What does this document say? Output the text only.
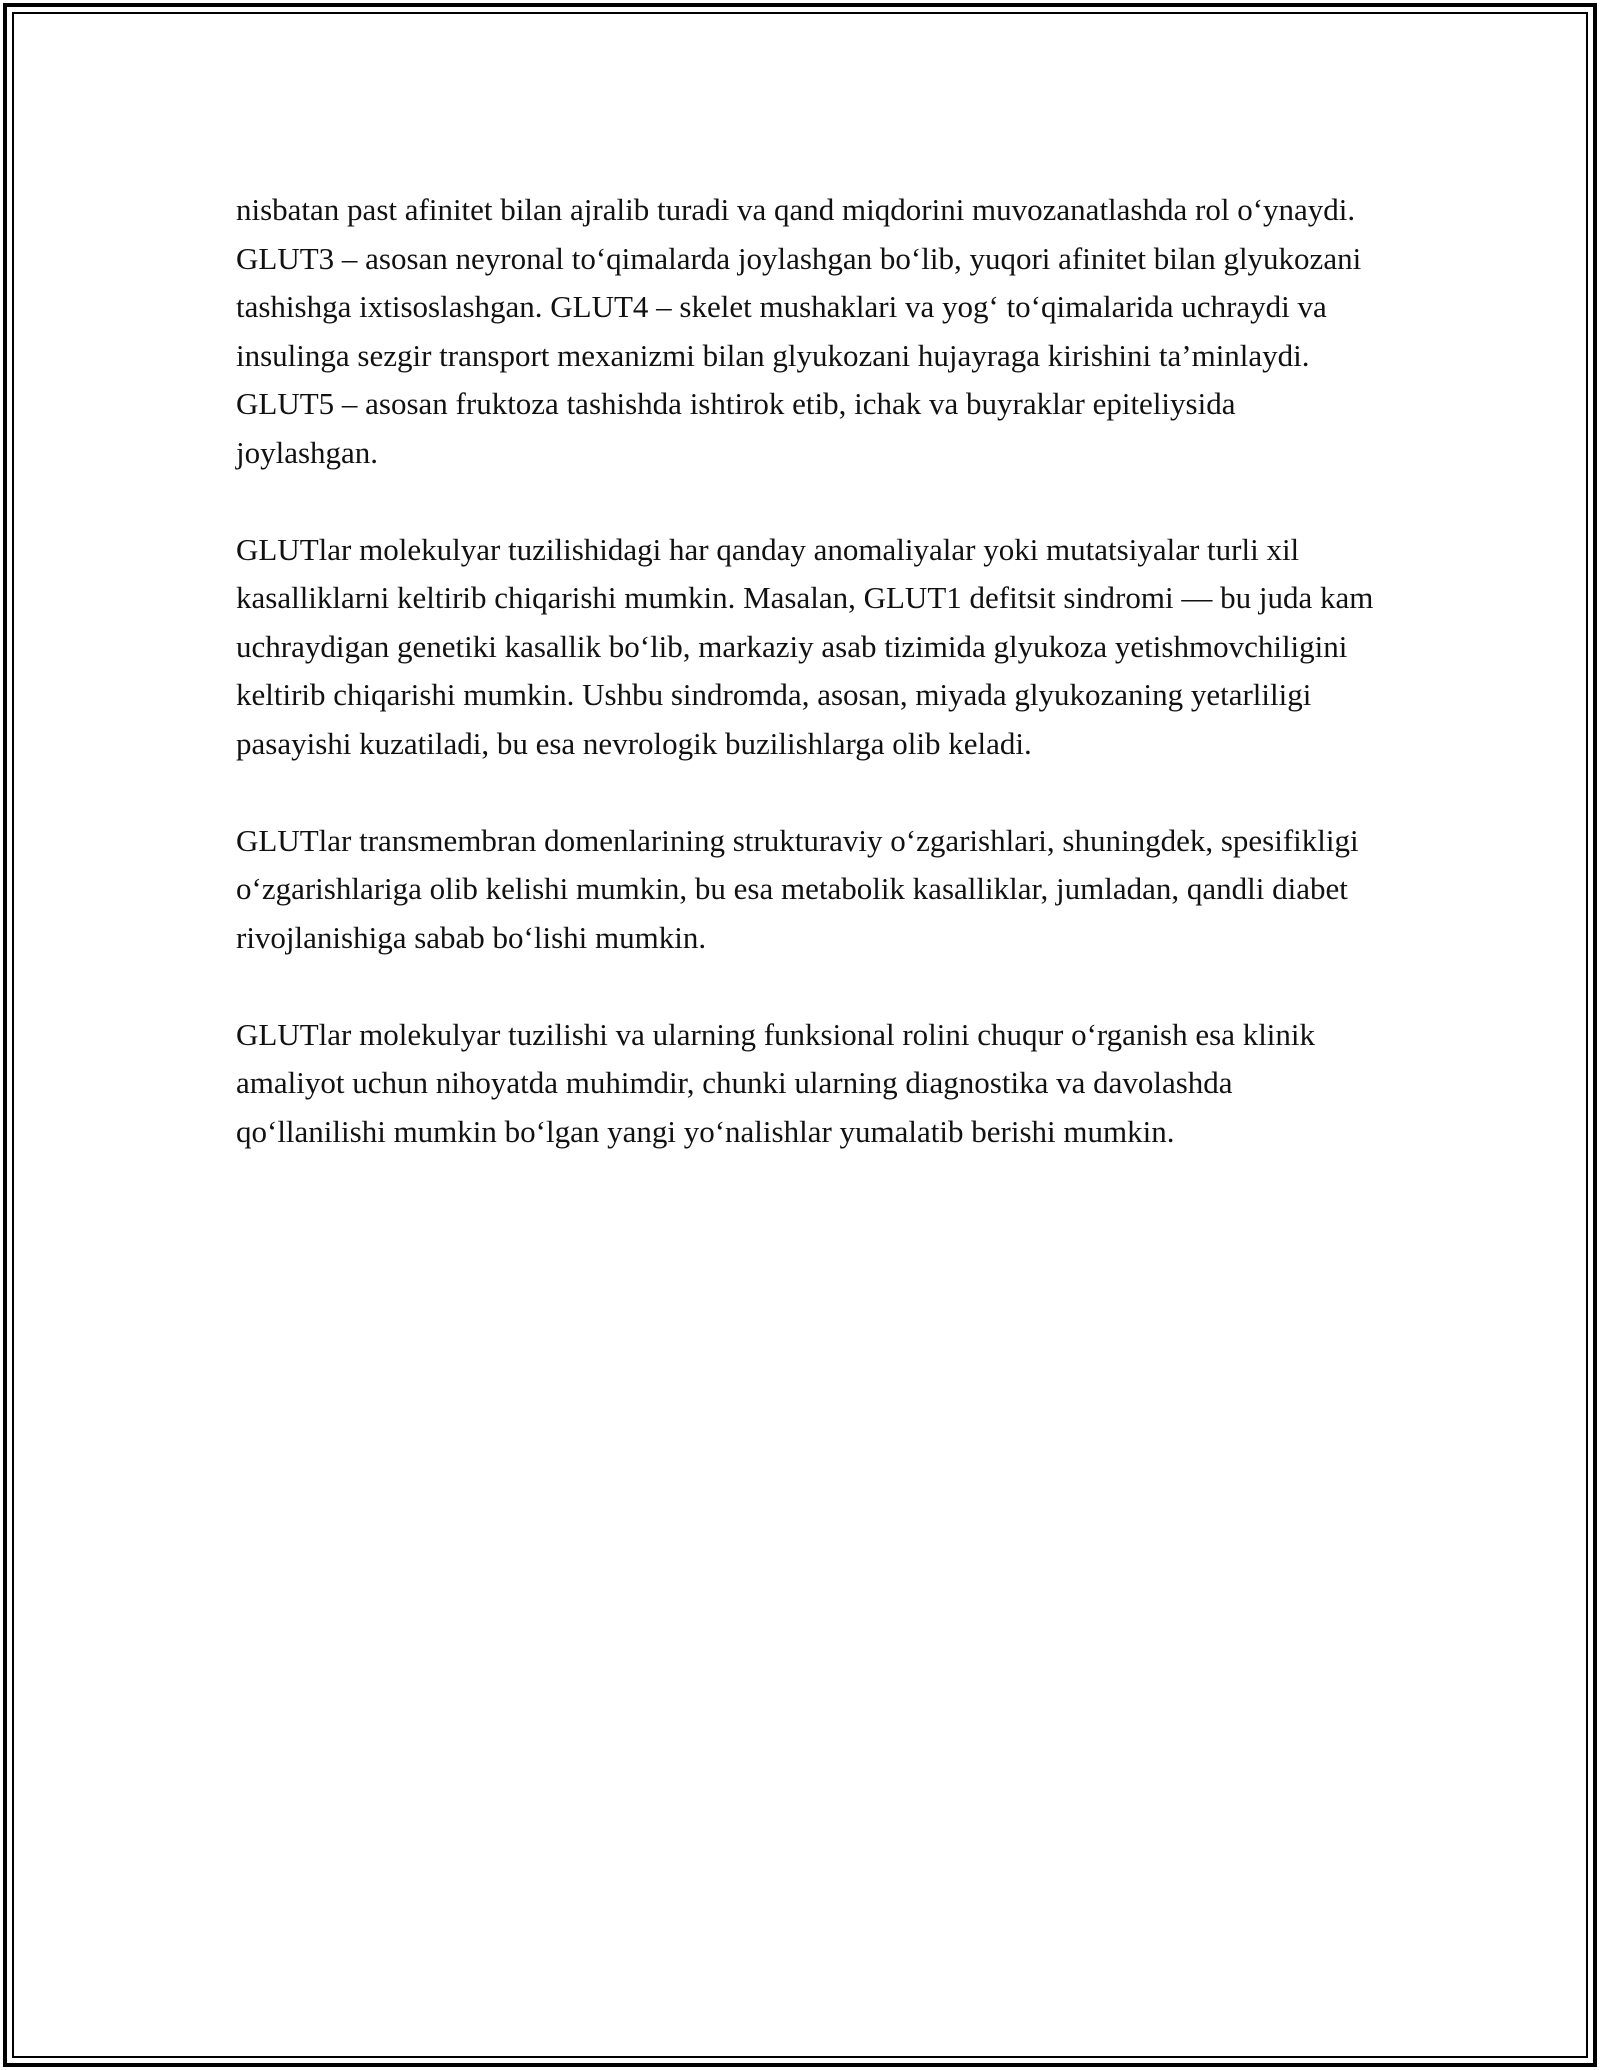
nisbatan past afinitet bilan ajralib turadi va qand miqdorini muvozanatlashda rol o‘ynaydi. GLUT3 – asosan neyronal to‘qimalarda joylashgan bo‘lib, yuqori afinitet bilan glyukozani tashishga ixtisoslashgan. GLUT4 – skelet mushaklari va yog‘ to‘qimalarida uchraydi va insulinga sezgir transport mexanizmi bilan glyukozani hujayraga kirishini ta’minlaydi. GLUT5 – asosan fruktoza tashishda ishtirok etib, ichak va buyraklar epiteliysida joylashgan.

GLUTlar molekulyar tuzilishidagi har qanday anomaliyalar yoki mutatsiyalar turli xil kasalliklarni keltirib chiqarishi mumkin. Masalan, GLUT1 defitsit sindromi — bu juda kam uchraydigan genetiki kasallik bo‘lib, markaziy asab tizimida glyukoza yetishmovchiligini keltirib chiqarishi mumkin. Ushbu sindromda, asosan, miyada glyukozaning yetarliligi pasayishi kuzatiladi, bu esa nevrologik buzilishlarga olib keladi.

GLUTlar transmembran domenlarining strukturaviy o‘zgarishlari, shuningdek, spesifikligi o‘zgarishlariga olib kelishi mumkin, bu esa metabolik kasalliklar, jumladan, qandli diabet rivojlanishiga sabab bo‘lishi mumkin.

GLUTlar molekulyar tuzilishi va ularning funksional rolini chuqur o‘rganish esa klinik amaliyot uchun nihoyatda muhimdir, chunki ularning diagnostika va davolashda qo‘llanilishi mumkin bo‘lgan yangi yo‘nalishlar yumalatib berishi mumkin.
